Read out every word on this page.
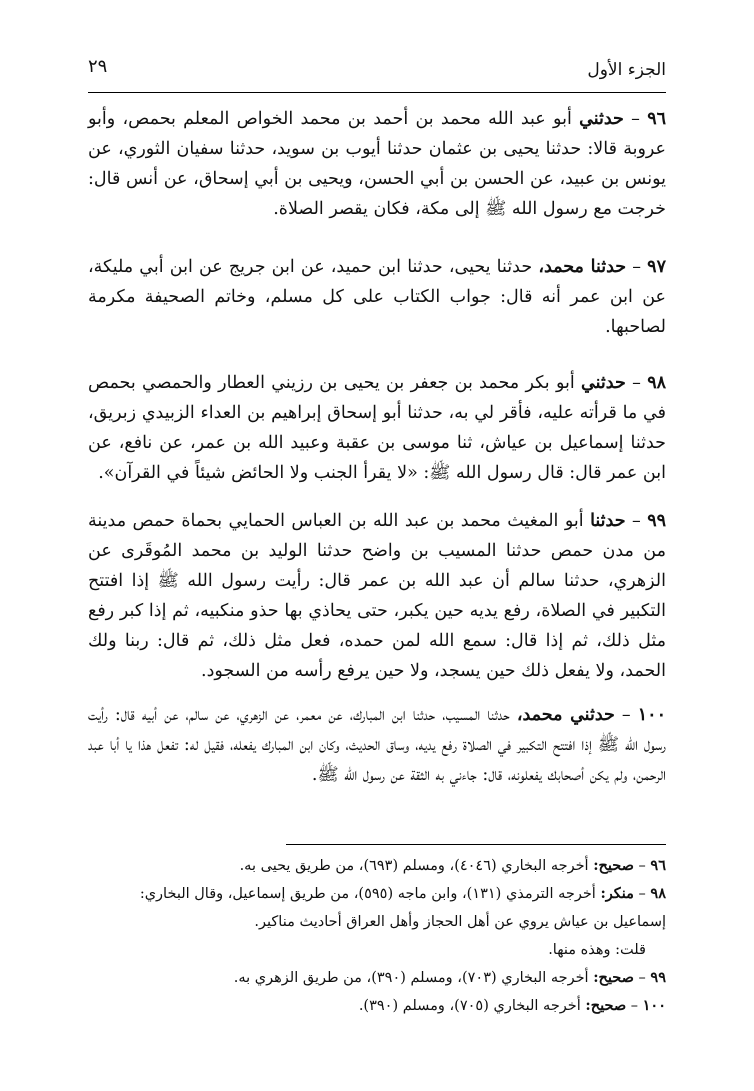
الجزء الأول
٢٩

٩٦ – حدثني أبو عبد الله محمد بن أحمد بن محمد الخواص المعلم بحمص، وأبو عروبة قالا: حدثنا يحيى بن عثمان حدثنا أيوب بن سويد، حدثنا سفيان الثوري، عن يونس بن عبيد، عن الحسن بن أبي الحسن، ويحيى بن أبي إسحاق، عن أنس قال: خرجت مع رسول الله ﷺ إلى مكة، فكان يقصر الصلاة.

٩٧ – حدثنا محمد، حدثنا يحيى، حدثنا ابن حميد، عن ابن جريج عن ابن أبي مليكة، عن ابن عمر أنه قال: جواب الكتاب على كل مسلم، وخاتم الصحيفة مكرمة لصاحبها.

٩٨ – حدثني أبو بكر محمد بن جعفر بن يحيى بن رزيني العطار والحمصي بحمص في ما قرأته عليه، فأقر لي به، حدثنا أبو إسحاق إبراهيم بن العداء الزبيدي زبريق، حدثنا إسماعيل بن عياش، ثنا موسى بن عقبة وعبيد الله بن عمر، عن نافع، عن ابن عمر قال: قال رسول الله ﷺ: «لا يقرأ الجنب ولا الحائض شيئاً في القرآن».

٩٩ – حدثنا أبو المغيث محمد بن عبد الله بن العباس الحمايي بحماة حمص مدينة من مدن حمص حدثنا المسيب بن واضح حدثنا الوليد بن محمد المُوقَرى عن الزهري، حدثنا سالم أن عبد الله بن عمر قال: رأيت رسول الله ﷺ إذا افتتح التكبير في الصلاة، رفع يديه حين يكبر، حتى يحاذي بها حذو منكبيه، ثم إذا كبر رفع مثل ذلك، ثم إذا قال: سمع الله لمن حمده، فعل مثل ذلك، ثم قال: ربنا ولك الحمد، ولا يفعل ذلك حين يسجد، ولا حين يرفع رأسه من السجود.

١٠٠ – حدثني محمد، حدثنا المسيب، حدثنا ابن المبارك، عن معمر، عن الزهري، عن سالم، عن أبيه قال: رأيت رسول الله ﷺ إذا افتتح التكبير في الصلاة رفع يديه، وساق الحديث، وكان ابن المبارك يفعله، فقيل له: تفعل هذا يا أبا عبد الرحمن، ولم يكن أصحابك يفعلونه، قال: جاءني به الثقة عن رسول الله ﷺ.

٩٦ – صحيح: أخرجه البخاري (٤٠٤٦)، ومسلم (٦٩٣)، من طريق يحيى به.

٩٨ – منكر: أخرجه الترمذي (١٣١)، وابن ماجه (٥٩٥)، من طريق إسماعيل، وقال البخاري: إسماعيل بن عياش يروي عن أهل الحجاز وأهل العراق أحاديث مناكير.

قلت: وهذه منها.

٩٩ – صحيح: أخرجه البخاري (٧٠٣)، ومسلم (٣٩٠)، من طريق الزهري به.

١٠٠ – صحيح: أخرجه البخاري (٧٠٥)، ومسلم (٣٩٠).
